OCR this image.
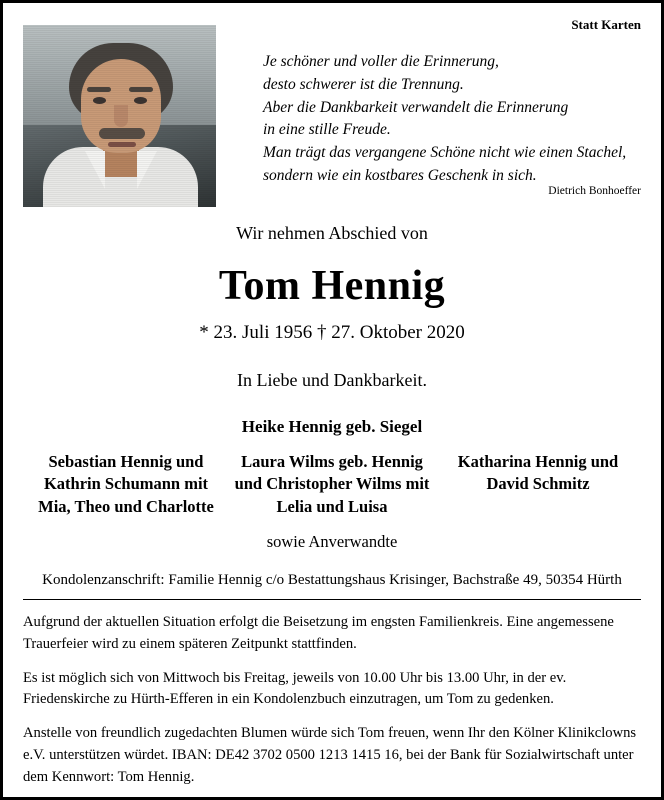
Statt Karten
Je schöner und voller die Erinnerung,
desto schwerer ist die Trennung.
Aber die Dankbarkeit verwandelt die Erinnerung
in eine stille Freude.
Man trägt das vergangene Schöne nicht wie einen Stachel,
sondern wie ein kostbares Geschenk in sich.
Dietrich Bonhoeffer
Wir nehmen Abschied von
Tom Hennig
* 23. Juli 1956 † 27. Oktober 2020
In Liebe und Dankbarkeit.
Heike Hennig geb. Siegel
Sebastian Hennig und
Kathrin Schumann mit
Mia, Theo und Charlotte
Laura Wilms geb. Hennig
und Christopher Wilms mit
Lelia und Luisa
Katharina Hennig und
David Schmitz
sowie Anverwandte
Kondolenzanschrift: Familie Hennig c/o Bestattungshaus Krisinger, Bachstraße 49, 50354 Hürth

Aufgrund der aktuellen Situation erfolgt die Beisetzung im engsten Familienkreis. Eine angemessene Trauerfeier wird zu einem späteren Zeitpunkt stattfinden.

Es ist möglich sich von Mittwoch bis Freitag, jeweils von 10.00 Uhr bis 13.00 Uhr, in der ev. Friedenskirche zu Hürth-Efferen in ein Kondolenzbuch einzutragen, um Tom zu gedenken.

Anstelle von freundlich zugedachten Blumen würde sich Tom freuen, wenn Ihr den Kölner Klinikclowns e.V. unterstützen würdet. IBAN: DE42 3702 0500 1213 1415 16, bei der Bank für Sozialwirtschaft unter dem Kennwort: Tom Hennig.
